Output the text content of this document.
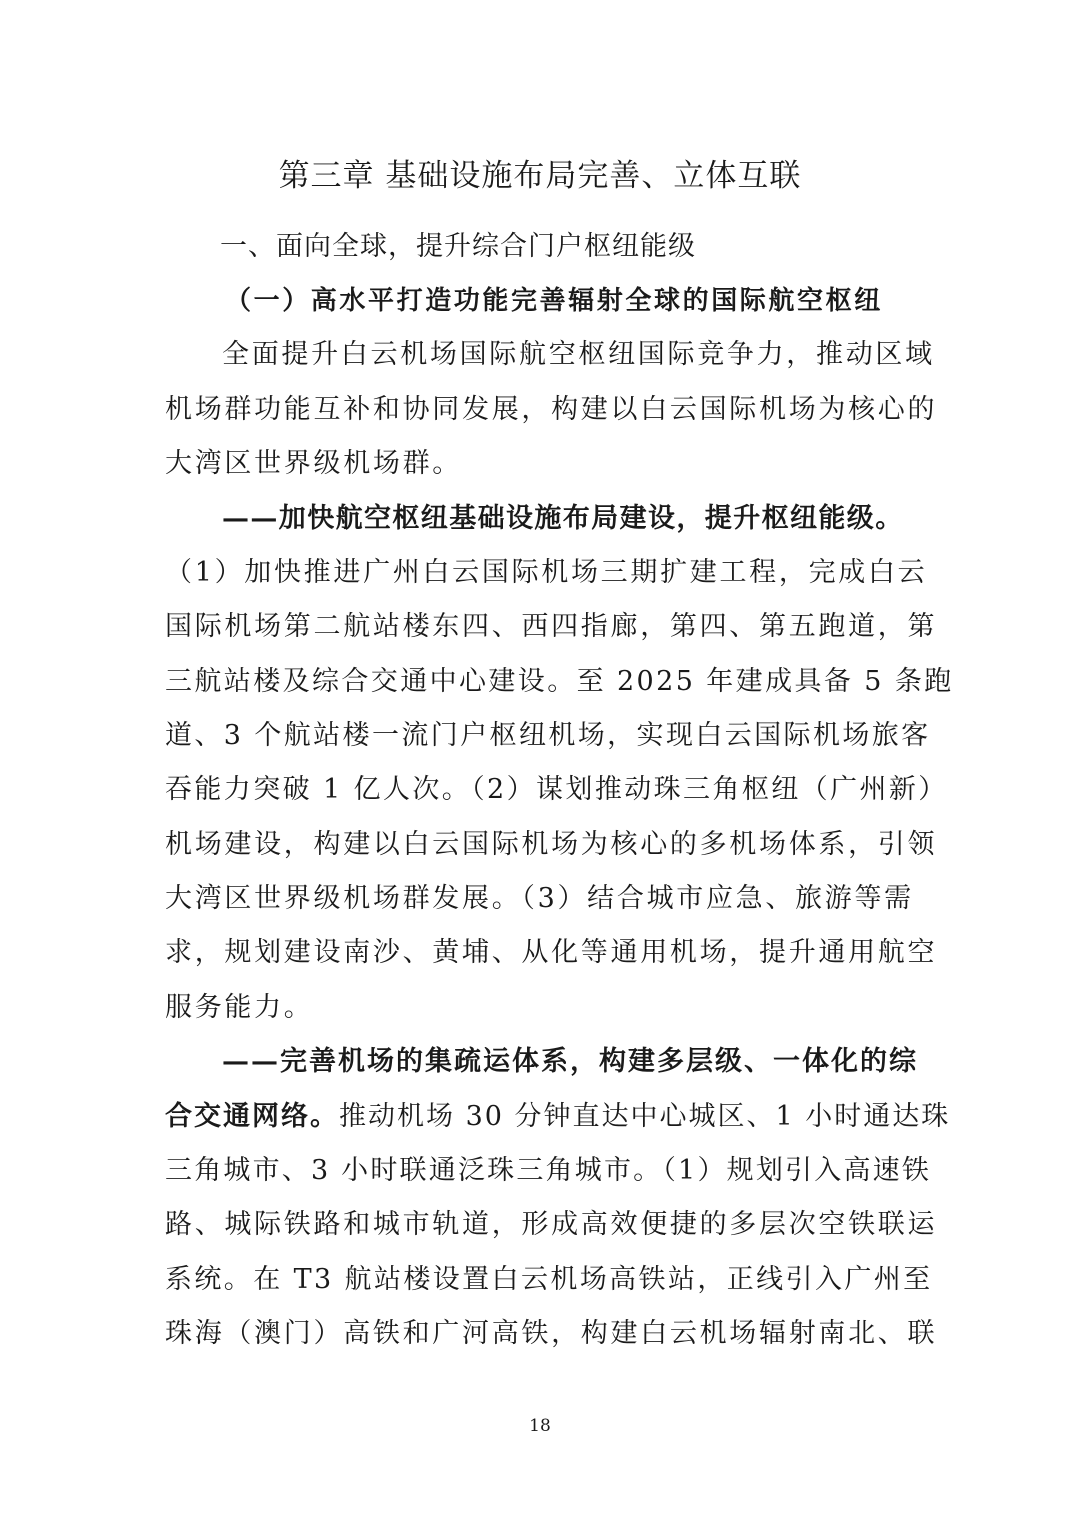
第三章 基础设施布局完善、立体互联
一、面向全球，提升综合门户枢纽能级
（一）高水平打造功能完善辐射全球的国际航空枢纽
全面提升白云机场国际航空枢纽国际竞争力，推动区域
机场群功能互补和协同发展，构建以白云国际机场为核心的
大湾区世界级机场群。
——加快航空枢纽基础设施布局建设，提升枢纽能级。
（1）加快推进广州白云国际机场三期扩建工程，完成白云
国际机场第二航站楼东四、西四指廊，第四、第五跑道，第
三航站楼及综合交通中心建设。至 2025 年建成具备 5 条跑
道、3 个航站楼一流门户枢纽机场，实现白云国际机场旅客
吞能力突破 1 亿人次。（2）谋划推动珠三角枢纽（广州新）
机场建设，构建以白云国际机场为核心的多机场体系，引领
大湾区世界级机场群发展。（3）结合城市应急、旅游等需
求，规划建设南沙、黄埔、从化等通用机场，提升通用航空
服务能力。
——完善机场的集疏运体系，构建多层级、一体化的综
合交通网络。推动机场 30 分钟直达中心城区、1 小时通达珠
三角城市、3 小时联通泛珠三角城市。（1）规划引入高速铁
路、城际铁路和城市轨道，形成高效便捷的多层次空铁联运
系统。在 T3 航站楼设置白云机场高铁站，正线引入广州至
珠海（澳门）高铁和广河高铁，构建白云机场辐射南北、联
18
